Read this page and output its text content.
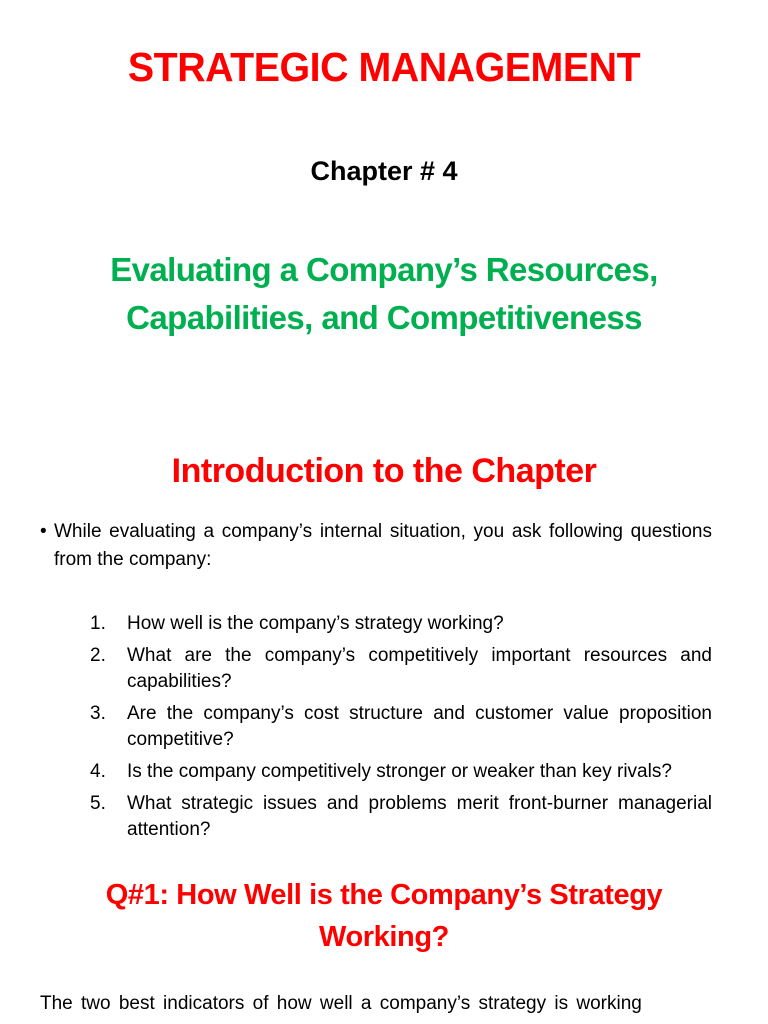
STRATEGIC MANAGEMENT
Chapter # 4
Evaluating a Company’s Resources,
Capabilities, and Competitiveness
Introduction to the Chapter

• While evaluating a company’s internal situation, you ask following questions from the company:

1. How well is the company’s strategy working?
2. What are the company’s competitively important resources and capabilities?
3. Are the company’s cost structure and customer value proposition competitive?
4. Is the company competitively stronger or weaker than key rivals?
5. What strategic issues and problems merit front-burner managerial attention?
Q#1: How Well is the Company’s Strategy
Working?

The two best indicators of how well a company’s strategy is working
